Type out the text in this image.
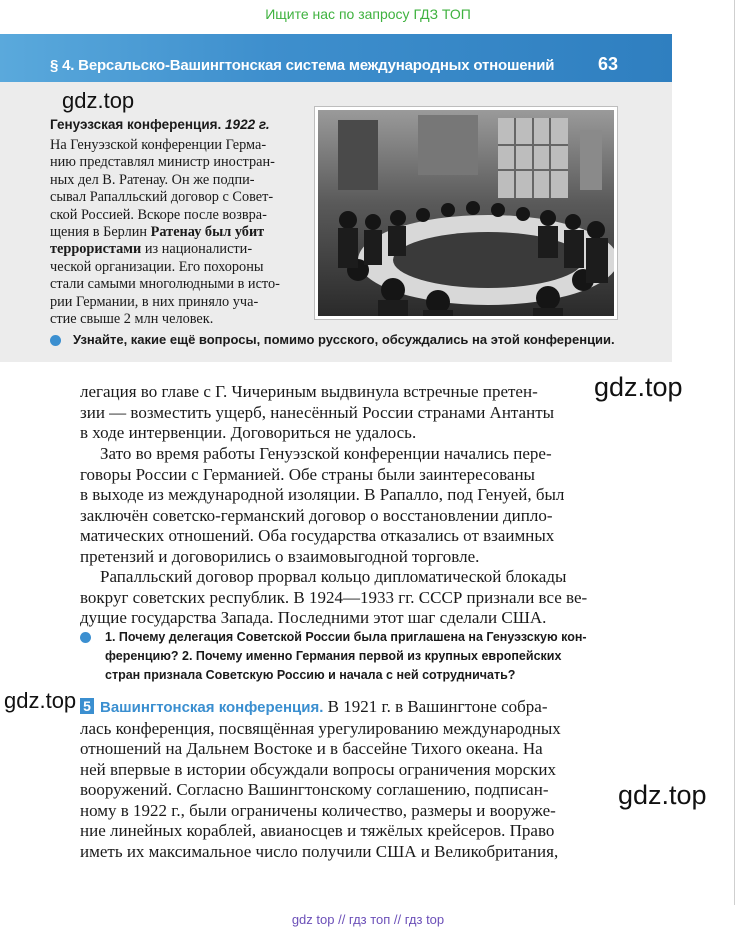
Ищите нас по запросу ГДЗ ТОП
§ 4. Версальско-Вашингтонская система международных отношений 63
Генуэзская конференция. 1922 г.
На Генуэзской конференции Герма-
нию представлял министр иностран-
ных дел В. Ратенау. Он же подпи-
сывал Рапалльский договор с Совет-
ской Россией. Вскоре после возвра-
щения в Берлин Ратенау был убит
террористами из националисти-
ческой организации. Его похороны
стали самыми многолюдными в исто-
рии Германии, в них приняло уча-
стие свыше 2 млн человек.
Узнайте, какие ещё вопросы, помимо русского, обсуждались на этой конференции.
gdz.top
gdz.top
gdz.top
gdz.top
легация во главе с Г. Чичериным выдвинула встречные претен-
зии — возместить ущерб, нанесённый России странами Антанты
в ходе интервенции. Договориться не удалось.
Зато во время работы Генуэзской конференции начались пере-
говоры России с Германией. Обе страны были заинтересованы
в выходе из международной изоляции. В Рапалло, под Генуей, был
заключён советско-германский договор о восстановлении дипло-
матических отношений. Оба государства отказались от взаимных
претензий и договорились о взаимовыгодной торговле.
Рапалльский договор прорвал кольцо дипломатической блокады
вокруг советских республик. В 1924—1933 гг. СССР признали все ве-
дущие государства Запада. Последними этот шаг сделали США.
1. Почему делегация Советской России была приглашена на Генуэзскую кон-
ференцию? 2. Почему именно Германия первой из крупных европейских
стран признала Советскую Россию и начала с ней сотрудничать?
5 Вашингтонская конференция. В 1921 г. в Вашингтоне собра-
лась конференция, посвящённая урегулированию международных
отношений на Дальнем Востоке и в бассейне Тихого океана. На
ней впервые в истории обсуждали вопросы ограничения морских
вооружений. Согласно Вашингтонскому соглашению, подписан-
ному в 1922 г., были ограничены количество, размеры и вооруже-
ние линейных кораблей, авианосцев и тяжёлых крейсеров. Право
иметь их максимальное число получили США и Великобритания,
gdz top // гдз топ // гдз top
